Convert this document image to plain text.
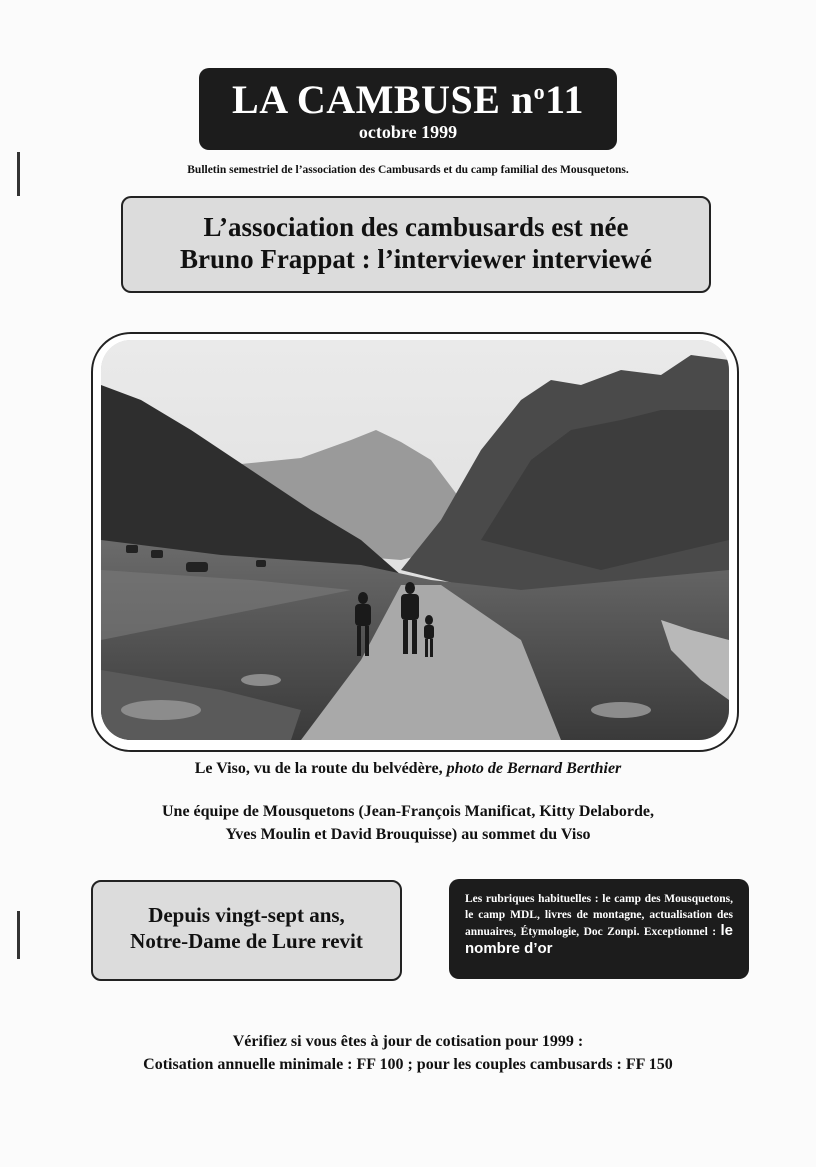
LA CAMBUSE $n^o11$
octobre 1999
Bulletin semestriel de l’association des Cambusards et du camp familial des Mousquetons.
L’association des cambusards est née
Bruno Frappat : l’interviewer interviewé
Le Viso, vu de la route du belvédère, photo de Bernard Berthier
Une équipe de Mousquetons (Jean-François Manificat, Kitty Delaborde,
Yves Moulin et David Brouquisse) au sommet du Viso
Depuis vingt-sept ans,
Notre-Dame de Lure revit
Les rubriques habituelles : le camp des Mousquetons, le camp MDL, livres de montagne, actualisation des annuaires, Étymologie, Doc Zonpi. Exceptionnel : le nombre d’or
Vérifiez si vous êtes à jour de cotisation pour 1999 :
Cotisation annuelle minimale : FF 100 ; pour les couples cambusards : FF 150
